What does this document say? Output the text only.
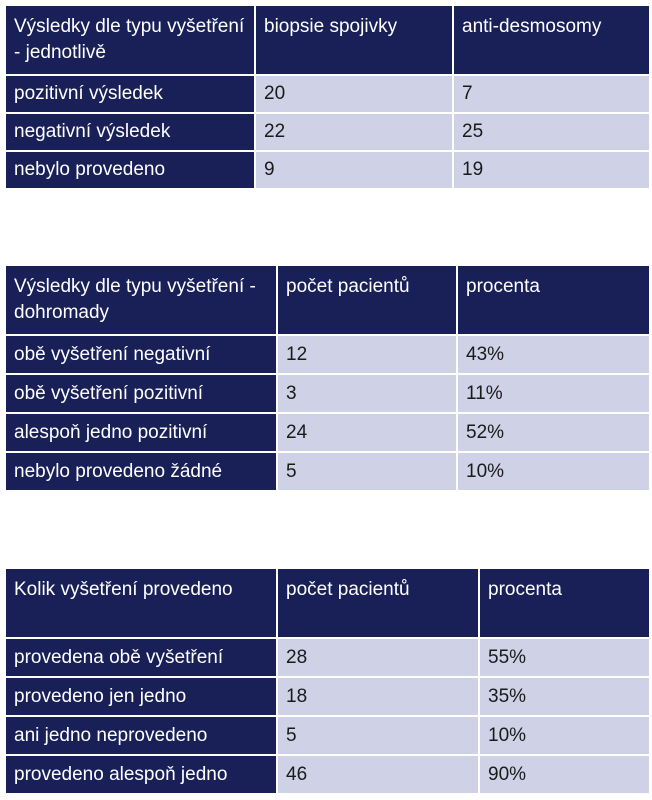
Výsledky dle typu vyšetření - jednotlivě	biopsie spojivky	anti-desmosomy
pozitivní výsledek	20	7
negativní výsledek	22	25
nebylo provedeno	9	19
Výsledky dle typu vyšetření - dohromady	počet pacientů	procenta
obě vyšetření negativní	12	43%
obě vyšetření pozitivní	3	11%
alespoň jedno pozitivní	24	52%
nebylo provedeno žádné	5	10%
Kolik vyšetření provedeno	počet pacientů	procenta
provedena obě vyšetření	28	55%
provedeno jen jedno	18	35%
ani jedno neprovedeno	5	10%
provedeno alespoň jedno	46	90%
